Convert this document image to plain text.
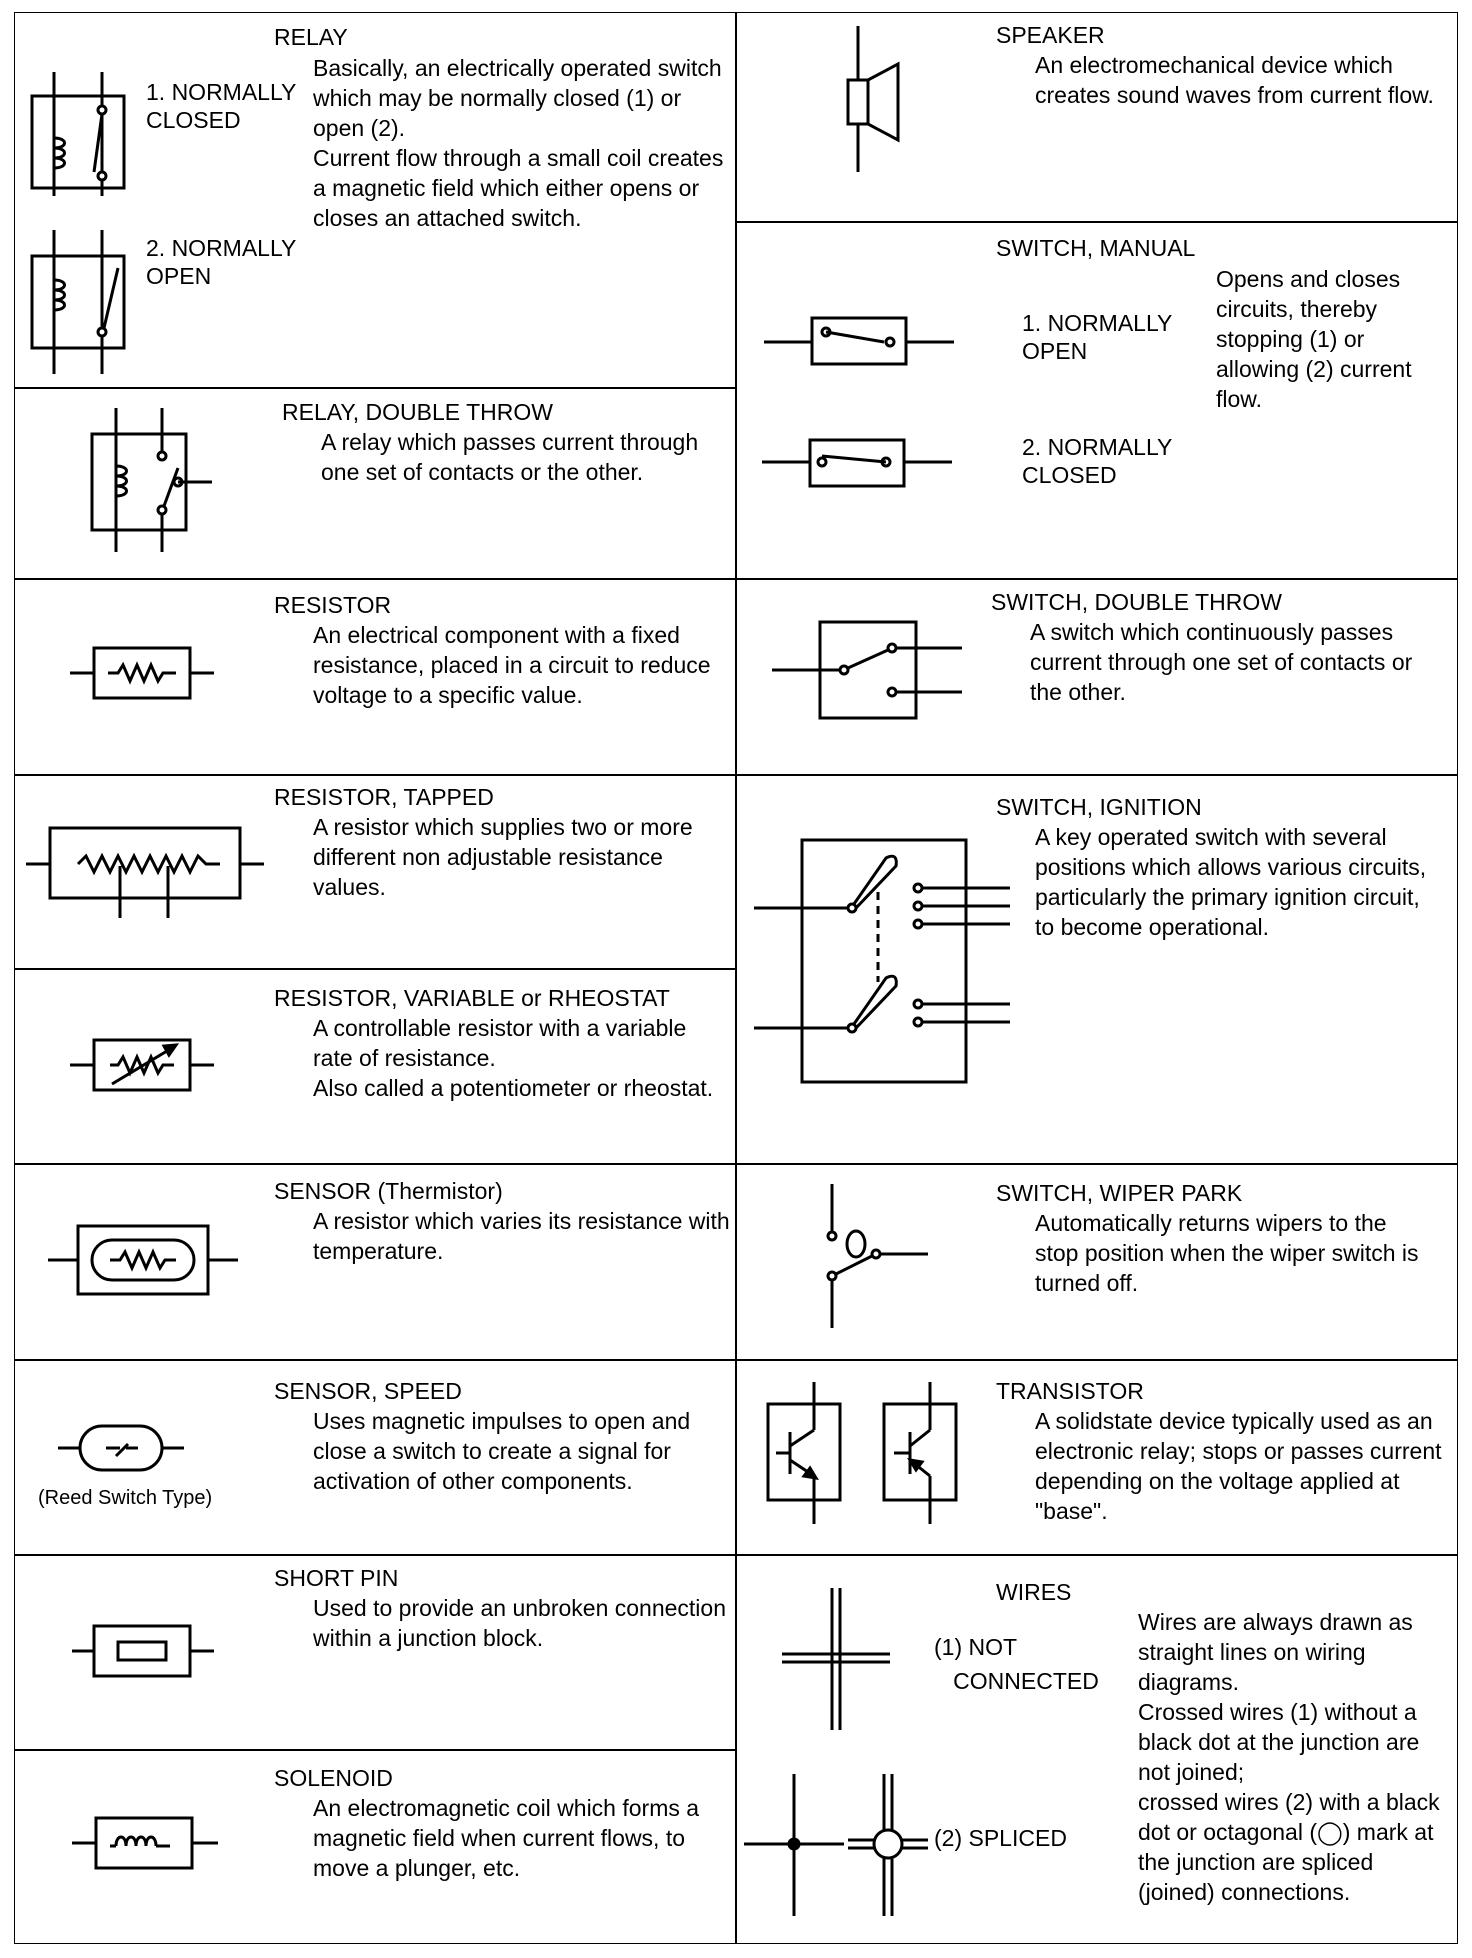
RELAY
1. NORMALLY
CLOSED
2. NORMALLY
OPEN
Basically, an electrically operated switch which may be normally closed (1) or open (2).
Current flow through a small coil creates a magnetic field which either opens or closes an attached switch.
RELAY, DOUBLE THROW
A relay which passes current through one set of contacts or the other.
RESISTOR
An electrical component with a fixed resistance, placed in a circuit to reduce voltage to a specific value.
RESISTOR, TAPPED
A resistor which supplies two or more different non adjustable resistance values.
RESISTOR, VARIABLE or RHEOSTAT
A controllable resistor with a variable rate of resistance.
Also called a potentiometer or rheostat.
SENSOR (Thermistor)
A resistor which varies its resistance with temperature.
SENSOR, SPEED
Uses magnetic impulses to open and close a switch to create a signal for activation of other components.
(Reed Switch Type)
SHORT PIN
Used to provide an unbroken connection within a junction block.
SOLENOID
An electromagnetic coil which forms a magnetic field when current flows, to move a plunger, etc.
SPEAKER
An electromechanical device which creates sound waves from current flow.
SWITCH, MANUAL
1. NORMALLY
OPEN
2. NORMALLY
CLOSED
Opens and closes circuits, thereby stopping (1) or allowing (2) current flow.
SWITCH, DOUBLE THROW
A switch which continuously passes current through one set of contacts or the other.
SWITCH, IGNITION
A key operated switch with several positions which allows various circuits, particularly the primary ignition circuit, to become operational.
SWITCH, WIPER PARK
Automatically returns wipers to the stop position when the wiper switch is turned off.
TRANSISTOR
A solidstate device typically used as an electronic relay; stops or passes current depending on the voltage applied at "base".
WIRES
(1) NOT
CONNECTED
(2) SPLICED
Wires are always drawn as straight lines on wiring diagrams.
Crossed wires (1) without a black dot at the junction are not joined;
crossed wires (2) with a black dot or octagonal (◯) mark at the junction are spliced (joined) connections.
